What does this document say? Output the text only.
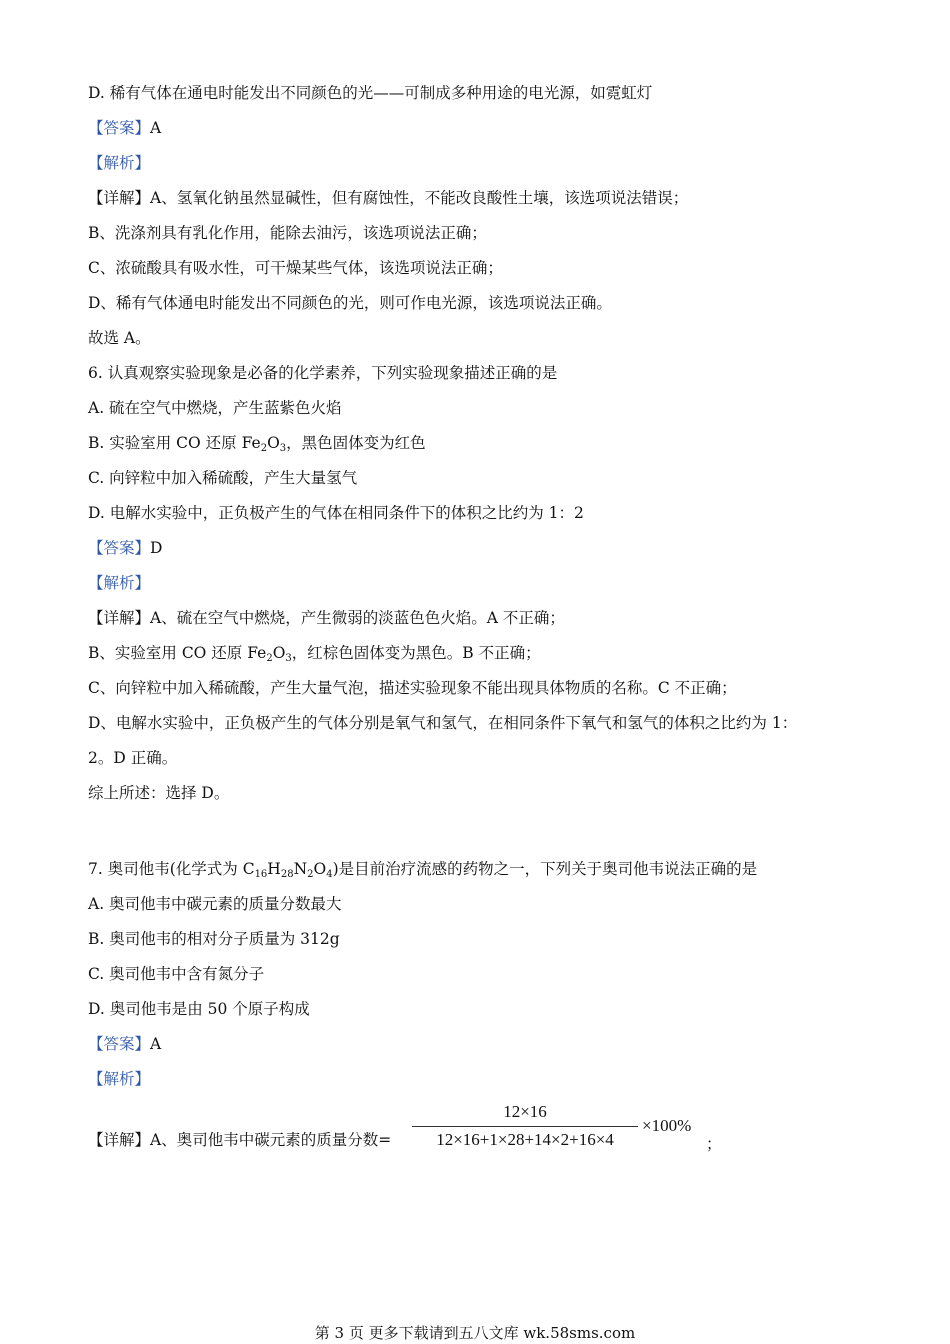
D. 稀有气体在通电时能发出不同颜色的光——可制成多种用途的电光源，如霓虹灯
【答案】A
【解析】
【详解】A、氢氧化钠虽然显碱性，但有腐蚀性，不能改良酸性土壤，该选项说法错误；
B、洗涤剂具有乳化作用，能除去油污，该选项说法正确；
C、浓硫酸具有吸水性，可干燥某些气体，该选项说法正确；
D、稀有气体通电时能发出不同颜色的光，则可作电光源，该选项说法正确。
故选 A。
6. 认真观察实验现象是必备的化学素养，下列实验现象描述正确的是
A. 硫在空气中燃烧，产生蓝紫色火焰
B. 实验室用 CO 还原 $Fe_2O_3$，黑色固体变为红色
C. 向锌粒中加入稀硫酸，产生大量氢气
D. 电解水实验中，正负极产生的气体在相同条件下的体积之比约为 1：2
【答案】D
【解析】
【详解】A、硫在空气中燃烧，产生微弱的淡蓝色色火焰。A 不正确；
B、实验室用 CO 还原 $Fe_2O_3$，红棕色固体变为黑色。B 不正确；
C、向锌粒中加入稀硫酸，产生大量气泡，描述实验现象不能出现具体物质的名称。C 不正确；
D、电解水实验中，正负极产生的气体分别是氧气和氢气，在相同条件下氧气和氢气的体积之比约为 1：
2。D 正确。
综上所述：选择 D。
7. 奥司他韦(化学式为 $C_{16}H_{28}N_2O_4$)是目前治疗流感的药物之一，下列关于奥司他韦说法正确的是
A. 奥司他韦中碳元素的质量分数最大
B. 奥司他韦的相对分子质量为 312g
C. 奥司他韦中含有氮分子
D. 奥司他韦是由 50 个原子构成
【答案】A
【解析】
【详解】A、奥司他韦中碳元素的质量分数=
12×16
12×16+1×28+14×2+16×4
×100%
；
第 3 页 更多下载请到五八文库 wk.58sms.com
